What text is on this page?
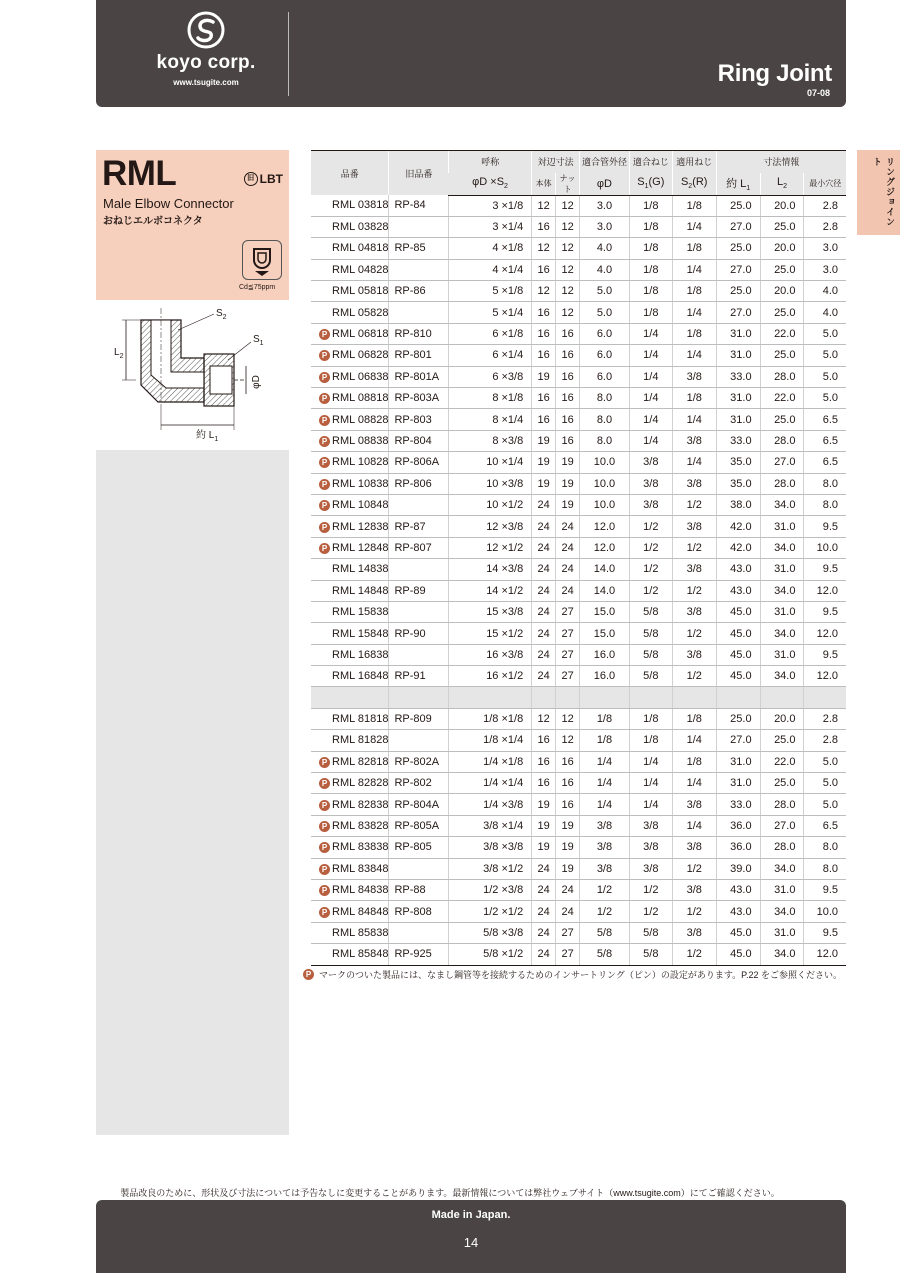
koyo corp.
www.tsugite.com	Ring Joint
07-08
リングジョイント
RML	旧 LBT
Male Elbow Connector
おねじエルボコネクタ
Cd≦75ppm
$L_2$
約 $L_1$
φD
$S_2$
$S_1$
品番	旧品番	呼称	対辺寸法		適合管外径	適合ねじ	適用ねじ	寸法情報		
		$\varphi D \times S_2$	本体	ナット	φD	$S_1(G)$	$S_2(R)$	約 $L_1$	$L_2$	最小穴径
RML 03818	RP-84	3 ×1/8	12	12	3.0	1/8	1/8	25.0	20.0	2.8
RML 03828		3 ×1/4	16	12	3.0	1/8	1/4	27.0	25.0	2.8
RML 04818	RP-85	4 ×1/8	12	12	4.0	1/8	1/8	25.0	20.0	3.0
RML 04828		4 ×1/4	16	12	4.0	1/8	1/4	27.0	25.0	3.0
RML 05818	RP-86	5 ×1/8	12	12	5.0	1/8	1/8	25.0	20.0	4.0
RML 05828		5 ×1/4	16	12	5.0	1/8	1/4	27.0	25.0	4.0
P RML 06818	RP-810	6 ×1/8	16	16	6.0	1/4	1/8	31.0	22.0	5.0
P RML 06828	RP-801	6 ×1/4	16	16	6.0	1/4	1/4	31.0	25.0	5.0
P RML 06838	RP-801A	6 ×3/8	19	16	6.0	1/4	3/8	33.0	28.0	5.0
P RML 08818	RP-803A	8 ×1/8	16	16	8.0	1/4	1/8	31.0	22.0	5.0
P RML 08828	RP-803	8 ×1/4	16	16	8.0	1/4	1/4	31.0	25.0	6.5
P RML 08838	RP-804	8 ×3/8	19	16	8.0	1/4	3/8	33.0	28.0	6.5
P RML 10828	RP-806A	10 ×1/4	19	19	10.0	3/8	1/4	35.0	27.0	6.5
P RML 10838	RP-806	10 ×3/8	19	19	10.0	3/8	3/8	35.0	28.0	8.0
P RML 10848		10 ×1/2	24	19	10.0	3/8	1/2	38.0	34.0	8.0
P RML 12838	RP-87	12 ×3/8	24	24	12.0	1/2	3/8	42.0	31.0	9.5
P RML 12848	RP-807	12 ×1/2	24	24	12.0	1/2	1/2	42.0	34.0	10.0
RML 14838		14 ×3/8	24	24	14.0	1/2	3/8	43.0	31.0	9.5
RML 14848	RP-89	14 ×1/2	24	24	14.0	1/2	1/2	43.0	34.0	12.0
RML 15838		15 ×3/8	24	27	15.0	5/8	3/8	45.0	31.0	9.5
RML 15848	RP-90	15 ×1/2	24	27	15.0	5/8	1/2	45.0	34.0	12.0
RML 16838		16 ×3/8	24	27	16.0	5/8	3/8	45.0	31.0	9.5
RML 16848	RP-91	16 ×1/2	24	27	16.0	5/8	1/2	45.0	34.0	12.0

RML 81818	RP-809	1/8 ×1/8	12	12	1/8	1/8	1/8	25.0	20.0	2.8
RML 81828		1/8 ×1/4	16	12	1/8	1/8	1/4	27.0	25.0	2.8
P RML 82818	RP-802A	1/4 ×1/8	16	16	1/4	1/4	1/8	31.0	22.0	5.0
P RML 82828	RP-802	1/4 ×1/4	16	16	1/4	1/4	1/4	31.0	25.0	5.0
P RML 82838	RP-804A	1/4 ×3/8	19	16	1/4	1/4	3/8	33.0	28.0	5.0
P RML 83828	RP-805A	3/8 ×1/4	19	19	3/8	3/8	1/4	36.0	27.0	6.5
P RML 83838	RP-805	3/8 ×3/8	19	19	3/8	3/8	3/8	36.0	28.0	8.0
P RML 83848		3/8 ×1/2	24	19	3/8	3/8	1/2	39.0	34.0	8.0
P RML 84838	RP-88	1/2 ×3/8	24	24	1/2	1/2	3/8	43.0	31.0	9.5
P RML 84848	RP-808	1/2 ×1/2	24	24	1/2	1/2	1/2	43.0	34.0	10.0
RML 85838		5/8 ×3/8	24	27	5/8	5/8	3/8	45.0	31.0	9.5
RML 85848	RP-925	5/8 ×1/2	24	27	5/8	5/8	1/2	45.0	34.0	12.0
P マークのついた製品には、なまし鋼管等を接続するためのインサートリング（ピン）の設定があります。P.22 をご参照ください。
製品改良のために、形状及び寸法については予告なしに変更することがあります。最新情報については弊社ウェブサイト（www.tsugite.com）にてご確認ください。
Made in Japan.
14
